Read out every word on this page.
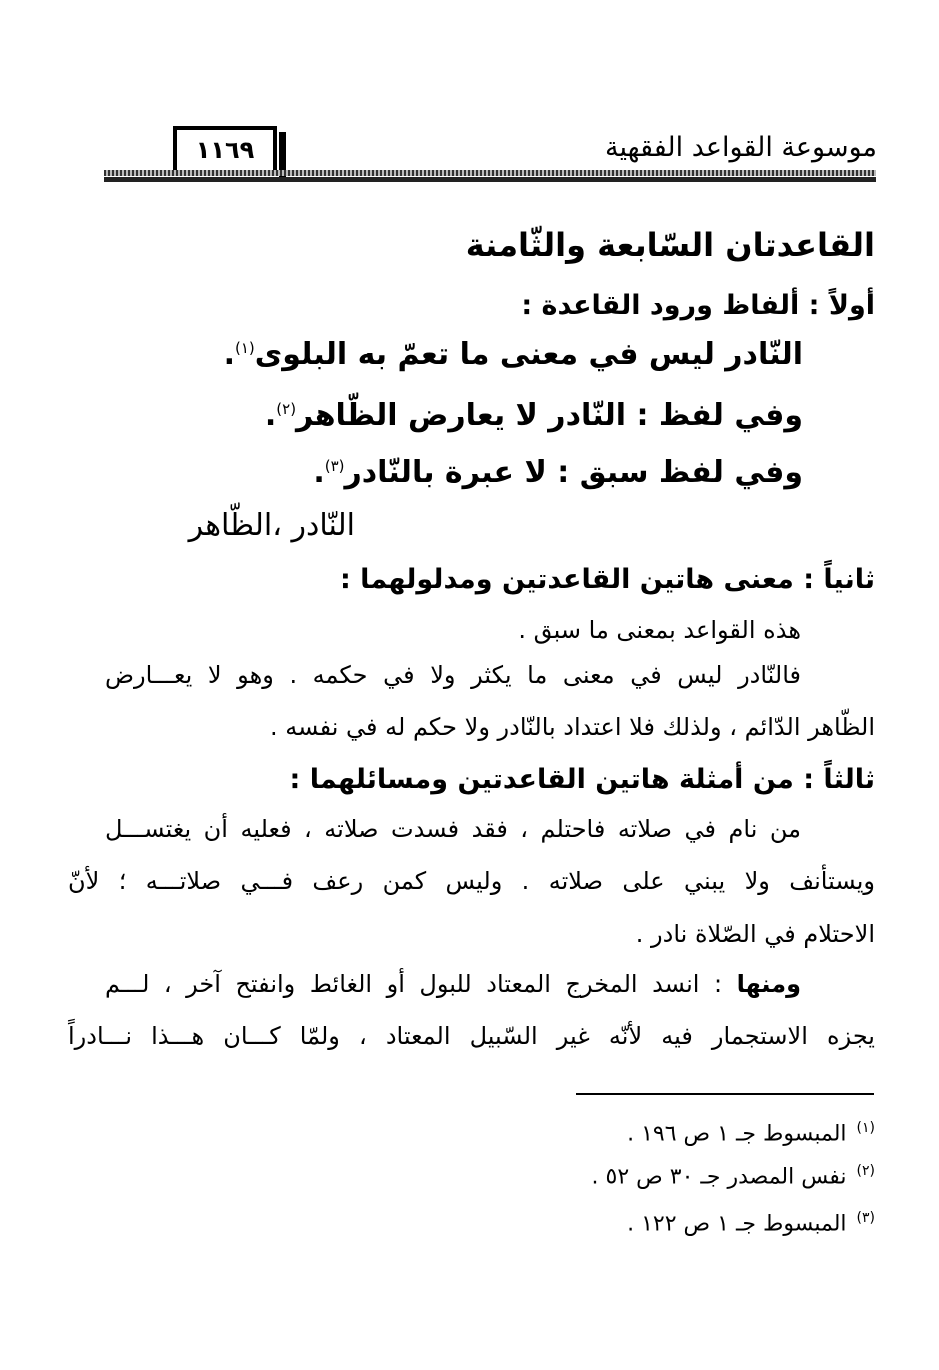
موسوعة القواعد الفقهية
١١٦٩
القاعدتان السّابعة والثّامنة
أولاً : ألفاظ ورود القاعدة :
النّادر ليس في معنى ما تعمّ به البلوى$^{(١)}$.
وفي لفظ : النّادر لا يعارض الظّاهر$^{(٢)}$.
وفي لفظ سبق : لا عبرة بالنّادر$^{(٣)}$.
النّادر ،الظّاهر
ثانياً : معنى هاتين القاعدتين ومدلولهما :
هذه القواعد بمعنى ما سبق .
فالنّادر ليس في معنى ما يكثر ولا في حكمه . وهو لا يعـــارض
الظّاهر الدّائم ، ولذلك فلا اعتداد بالنّادر ولا حكم له في نفسه .
ثالثاً : من أمثلة هاتين القاعدتين ومسائلهما :
من نام في صلاته فاحتلم ، فقد فسدت صلاته ، فعليه أن يغتســـل
ويستأنف ولا يبني على صلاته . وليس كمن رعف فـــي صلاتـــه ؛ لأنّ
الاحتلام في الصّلاة نادر .
ومنها : انسد المخرج المعتاد للبول أو الغائط وانفتح آخر ، لـــم
يجزه الاستجمار فيه لأنّه غير السّبيل المعتاد ، ولمّا كـــان هـــذا نـــادراً
$^{(١)}$المبسوط جـ ١ ص ١٩٦ .
$^{(٢)}$نفس المصدر جـ ٣٠ ص ٥٢ .
$^{(٣)}$المبسوط جـ ١ ص ١٢٢ .
